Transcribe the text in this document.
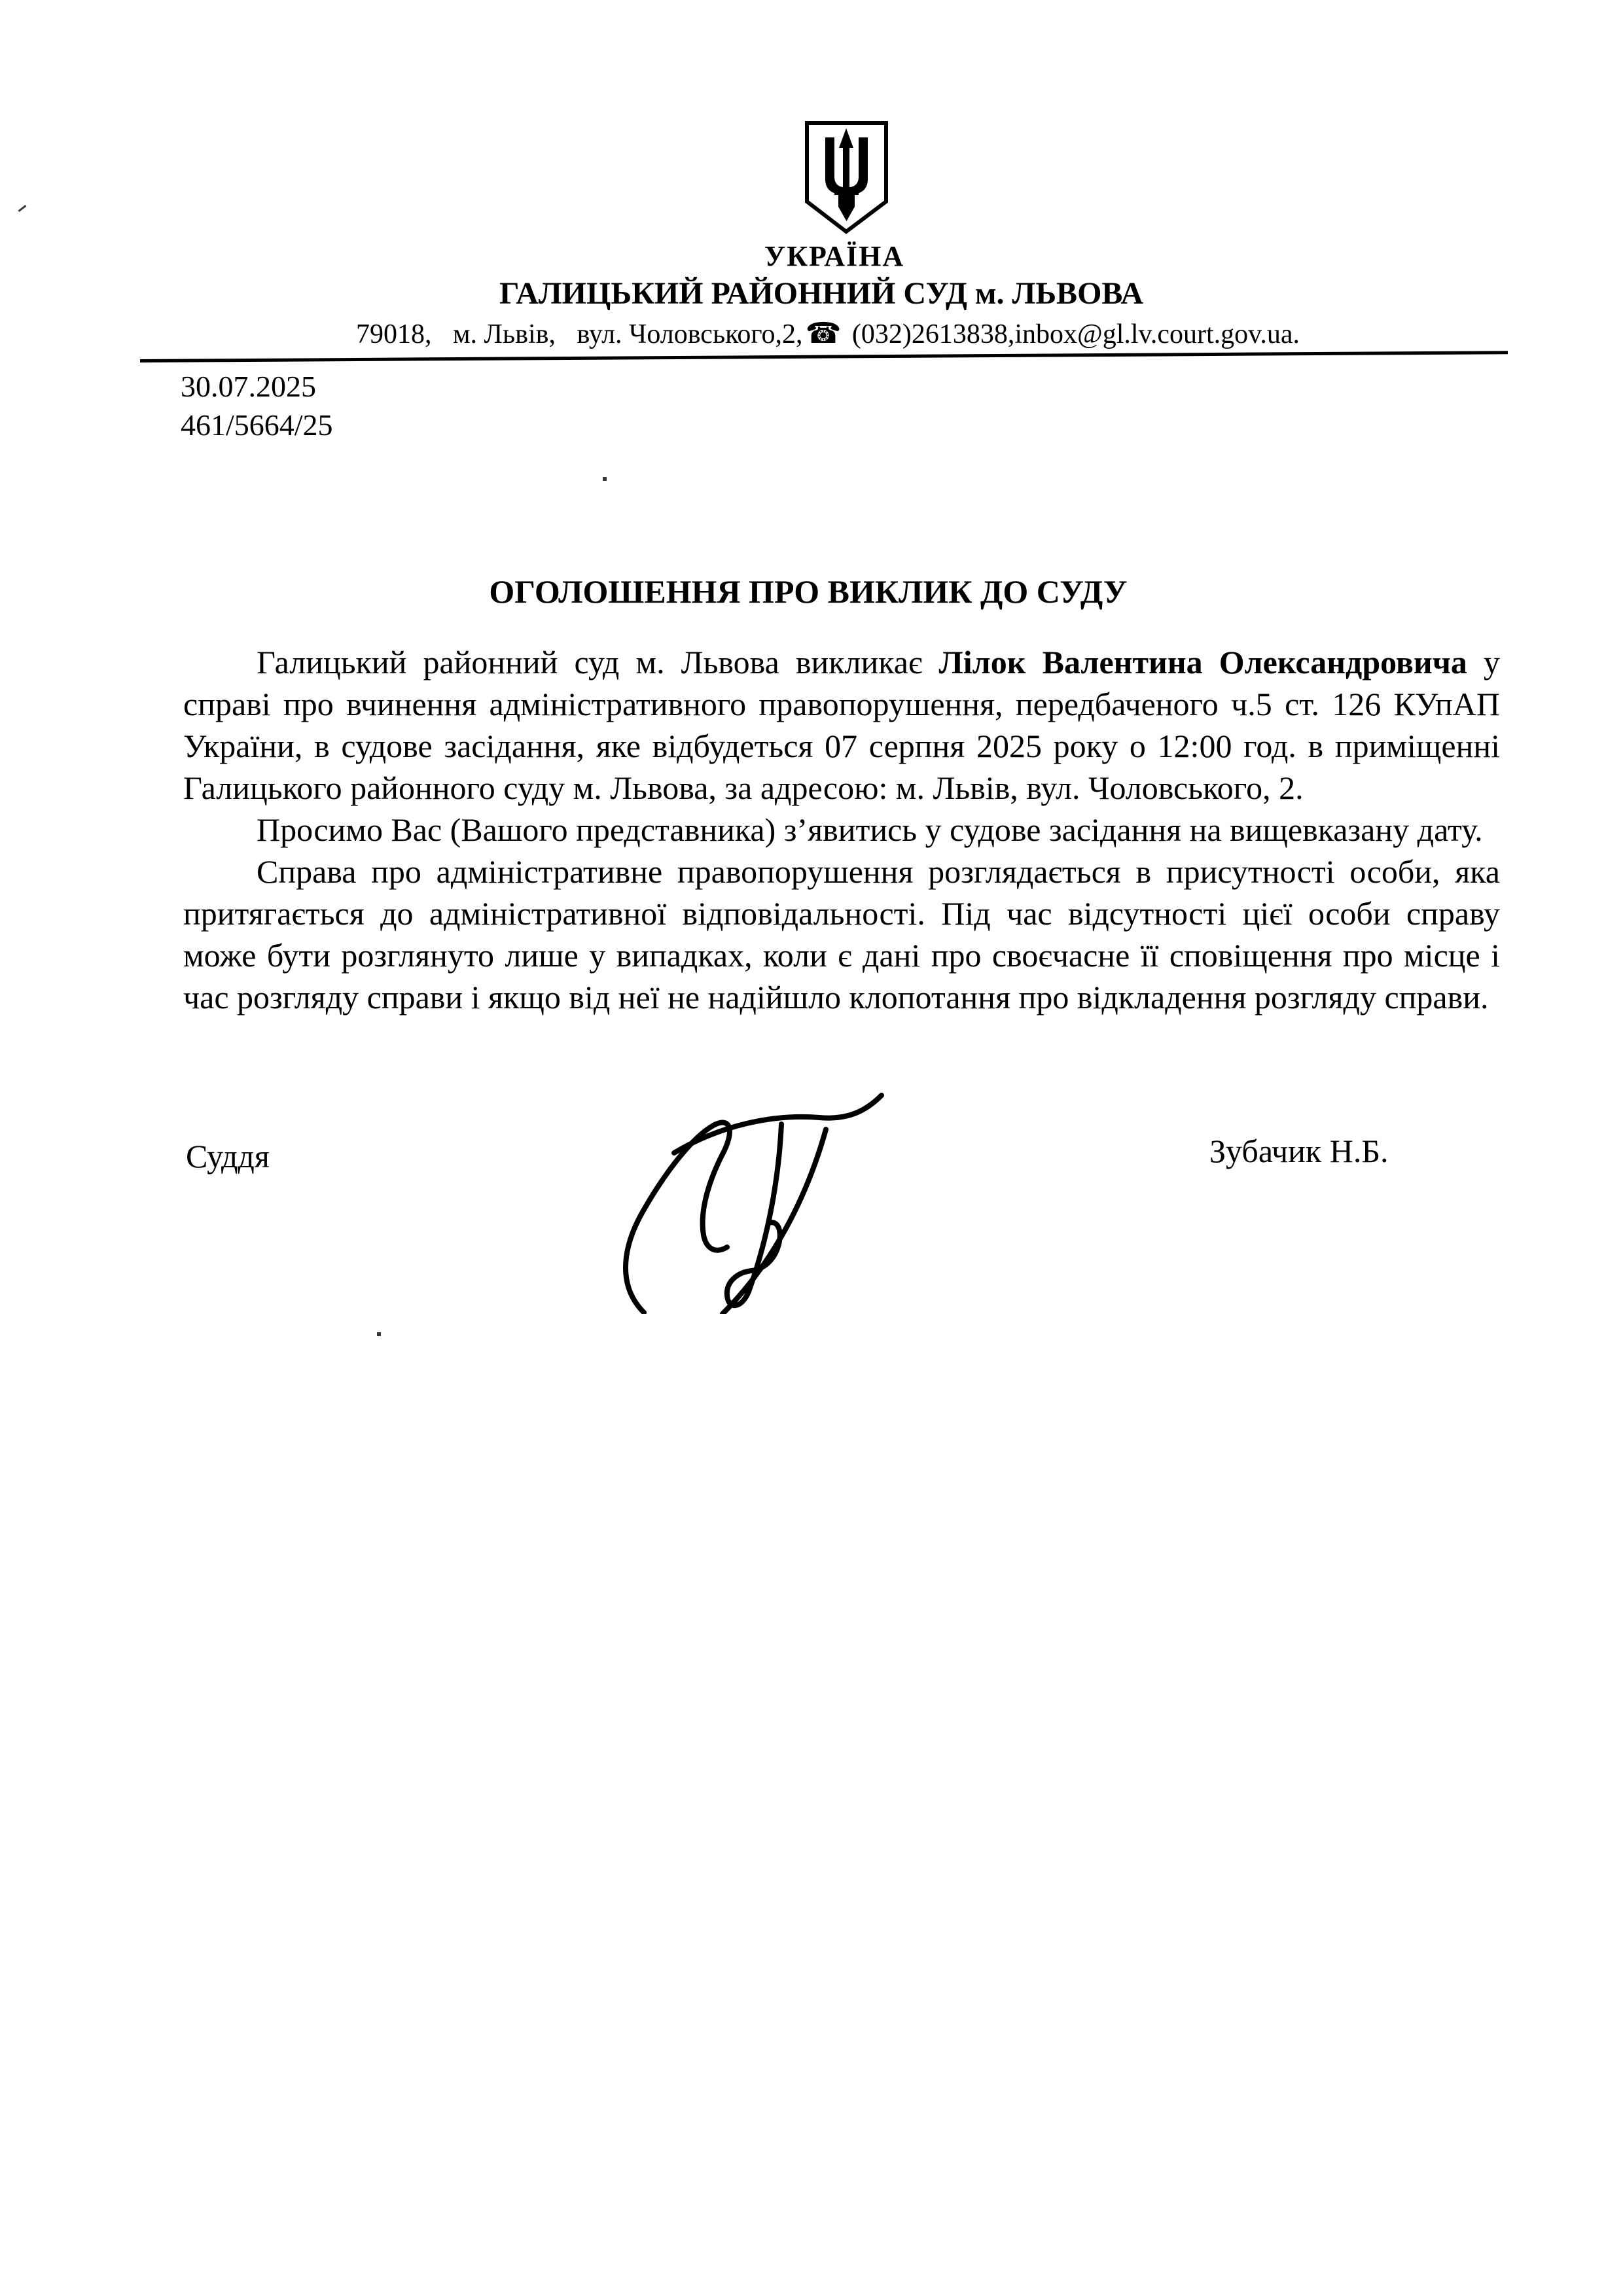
УКРАЇНА
ГАЛИЦЬКИЙ РАЙОННИЙ СУД м. ЛЬВОВА
79018, м. Львів, вул. Чоловського,2,☎ (032)2613838,inbox@gl.lv.court.gov.ua.
30.07.2025
461/5664/25
ОГОЛОШЕННЯ ПРО ВИКЛИК ДО СУДУ

Галицький районний суд м. Львова викликає Лілок Валентина Олександровича у справі про вчинення адміністративного правопорушення, передбаченого ч.5 ст. 126 КУпАП України, в судове засідання, яке відбудеться 07 серпня 2025 року о 12:00 год. в приміщенні Галицького районного суду м. Львова, за адресою: м. Львів, вул. Чоловського, 2.

Просимо Вас (Вашого представника) з’явитись у судове засідання на вищевказану дату.

Справа про адміністративне правопорушення розглядається в присутності особи, яка притягається до адміністративної відповідальності. Під час відсутності цієї особи справу може бути розглянуто лише у випадках, коли є дані про своєчасне її сповіщення про місце і час розгляду справи і якщо від неї не надійшло клопотання про відкладення розгляду справи.

Суддя	Зубачик Н.Б.
